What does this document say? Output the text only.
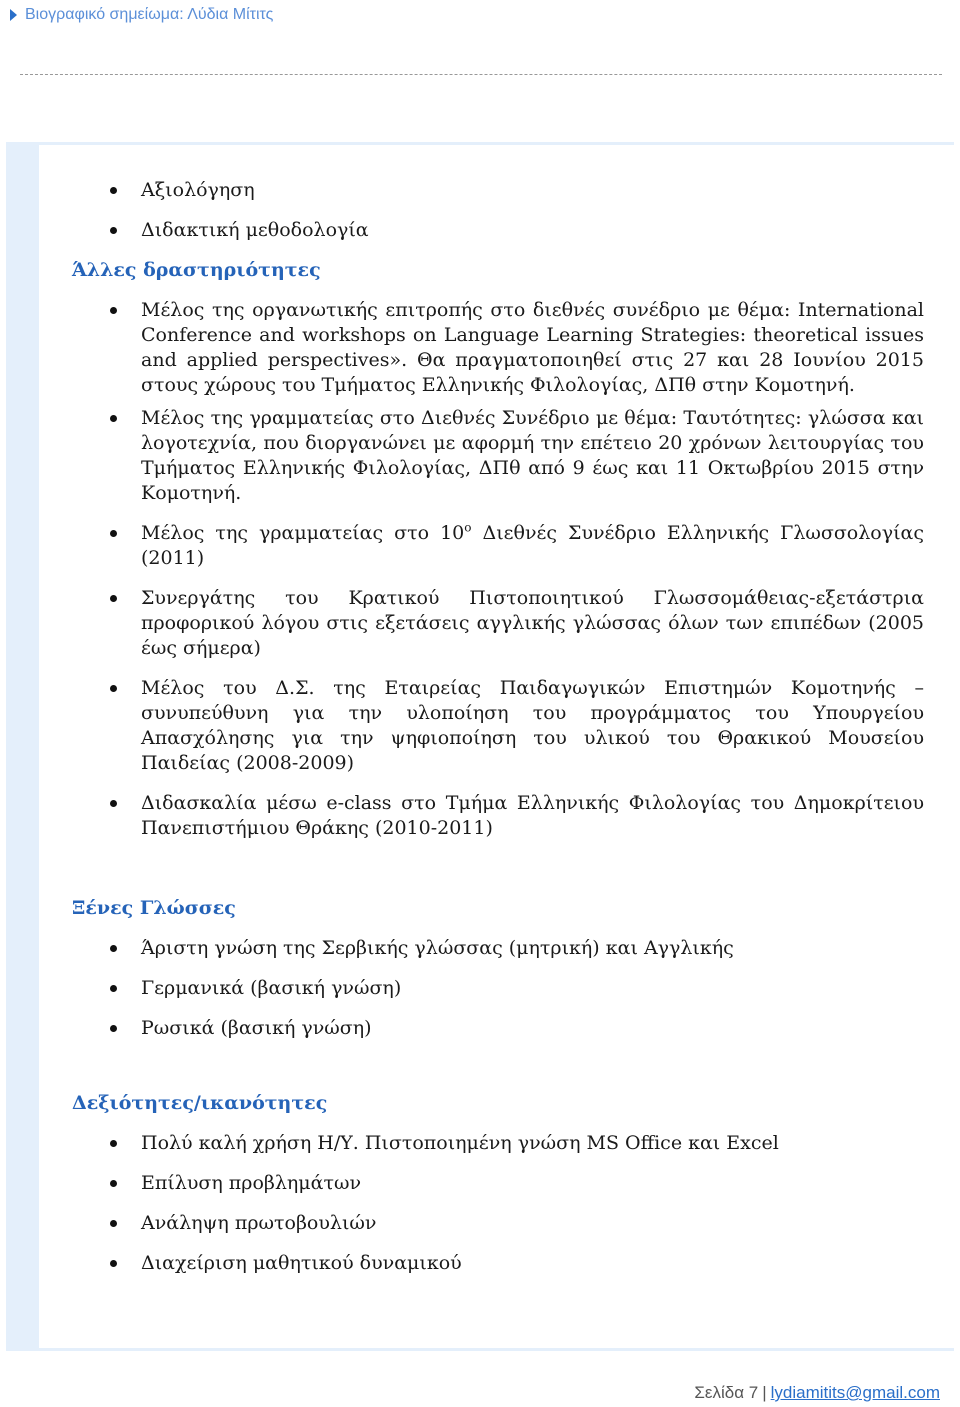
Βιογραφικό σημείωμα: Λύδια Μίτιτς
Αξιολόγηση
Διδακτική μεθοδολογία
Άλλες δραστηριότητες
Μέλος της οργανωτικής επιτροπής στο διεθνές συνέδριο με θέμα: International Conference and workshops on Language Learning Strategies: theoretical issues and applied perspectives». Θα πραγματοποιηθεί στις 27 και 28 Ιουνίου 2015 στους χώρους του Τμήματος Ελληνικής Φιλολογίας, ΔΠθ στην Κομοτηνή.
Μέλος της γραμματείας στο Διεθνές Συνέδριο με θέμα: Ταυτότητες: γλώσσα και λογοτεχνία, που διοργανώνει με αφορμή την επέτειο 20 χρόνων λειτουργίας του Τμήματος Ελληνικής Φιλολογίας, ΔΠθ από 9 έως και 11 Οκτωβρίου 2015 στην Κομοτηνή.
Μέλος της γραμματείας στο $10^o$ Διεθνές Συνέδριο Ελληνικής Γλωσσολογίας (2011)
Συνεργάτης του Κρατικού Πιστοποιητικού Γλωσσομάθειας-εξετάστρια προφορικού λόγου στις εξετάσεις αγγλικής γλώσσας όλων των επιπέδων (2005 έως σήμερα)
Μέλος του Δ.Σ. της Εταιρείας Παιδαγωγικών Επιστημών Κομοτηνής – συνυπεύθυνη για την υλοποίηση του προγράμματος του Υπουργείου Απασχόλησης για την ψηφιοποίηση του υλικού του Θρακικού Μουσείου Παιδείας (2008-2009)
Διδασκαλία μέσω e-class στο Τμήμα Ελληνικής Φιλολογίας του Δημοκρίτειου Πανεπιστήμιου Θράκης (2010-2011)
Ξένες Γλώσσες
Άριστη γνώση της Σερβικής γλώσσας (μητρική) και Αγγλικής
Γερμανικά (βασική γνώση)
Ρωσικά (βασική γνώση)
Δεξιότητες/ικανότητες
Πολύ καλή χρήση Η/Υ. Πιστοποιημένη γνώση MS Office και Excel
Επίλυση προβλημάτων
Ανάληψη πρωτοβουλιών
Διαχείριση μαθητικού δυναμικού
Σελίδα 7 | lydiamitits@gmail.com
